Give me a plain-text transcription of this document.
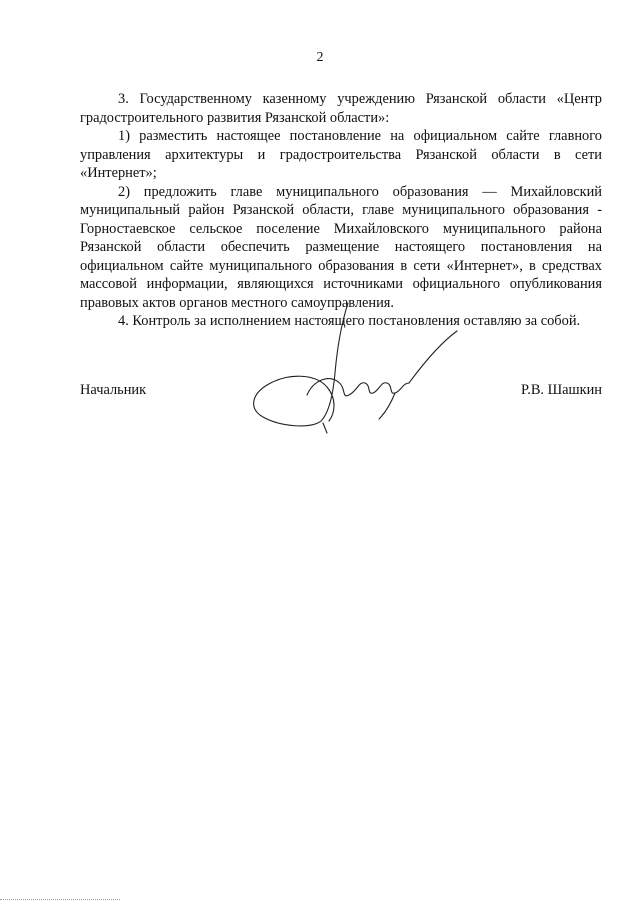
2

3. Государственному казенному учреждению Рязанской области «Центр градостроительного развития Рязанской области»:

1) разместить настоящее постановление на официальном сайте главного управления архитектуры и градостроительства Рязанской области в сети «Интернет»;

2) предложить главе муниципального образования — Михайловский муниципальный район Рязанской области, главе муниципального образования - Горностаевское сельское поселение Михайловского муниципального района Рязанской области обеспечить размещение настоящего постановления на официальном сайте муниципального образования в сети «Интернет», в средствах массовой информации, являющихся источниками официального опубликования правовых актов органов местного самоуправления.

4. Контроль за исполнением настоящего постановления оставляю за собой.

Начальник	Р.В. Шашкин
